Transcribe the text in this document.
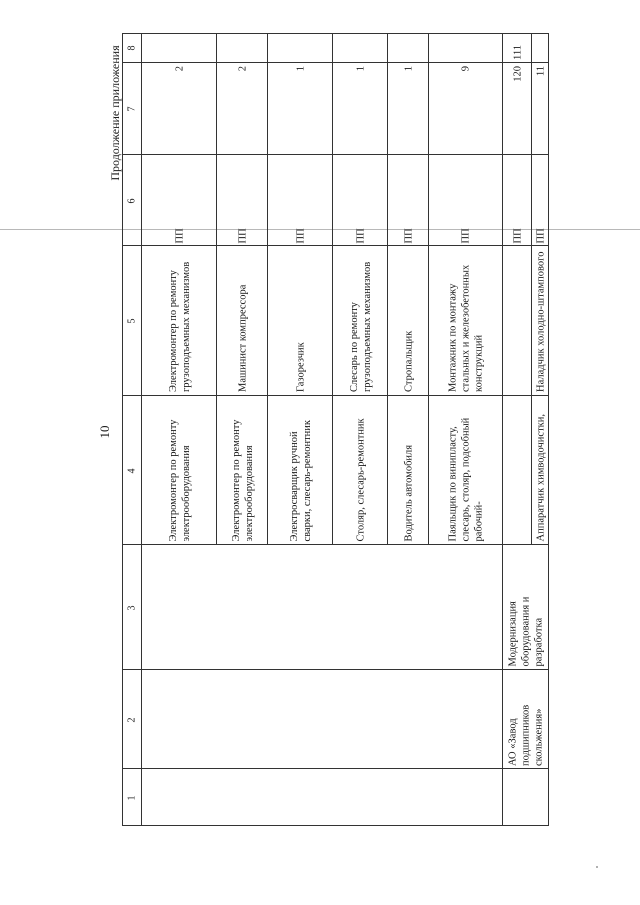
10
Продолжение приложения 8
7
6
5
4
3
2
1
2
ПП
Электромонтер по ремонту грузоподъемных механизмов
Электромонтер по ремонту электрооборудования
2
ПП
Машинист компрессора
Электромонтер по ремонту электрооборудования
1
ПП
Газорезчик
Электросварщик ручной сварки, слесарь-ремонтник
1
ПП
Слесарь по ремонту грузоподъемных механизмов
Столяр, слесарь-ремонтник
1
ПП
Стропальщик
Водитель автомобиля
9
ПП
Монтажник по монтажу стальных и железобетонных конструкций
Паяльщик по винипласту, слесарь, столяр, подсобный рабочий-
111
120
ПП
11
ПП
Наладчик холодно-штампового
Аппаратчик химводочистки,
Модернизация оборудования и разработка
АО «Завод подшипников скольжения»
